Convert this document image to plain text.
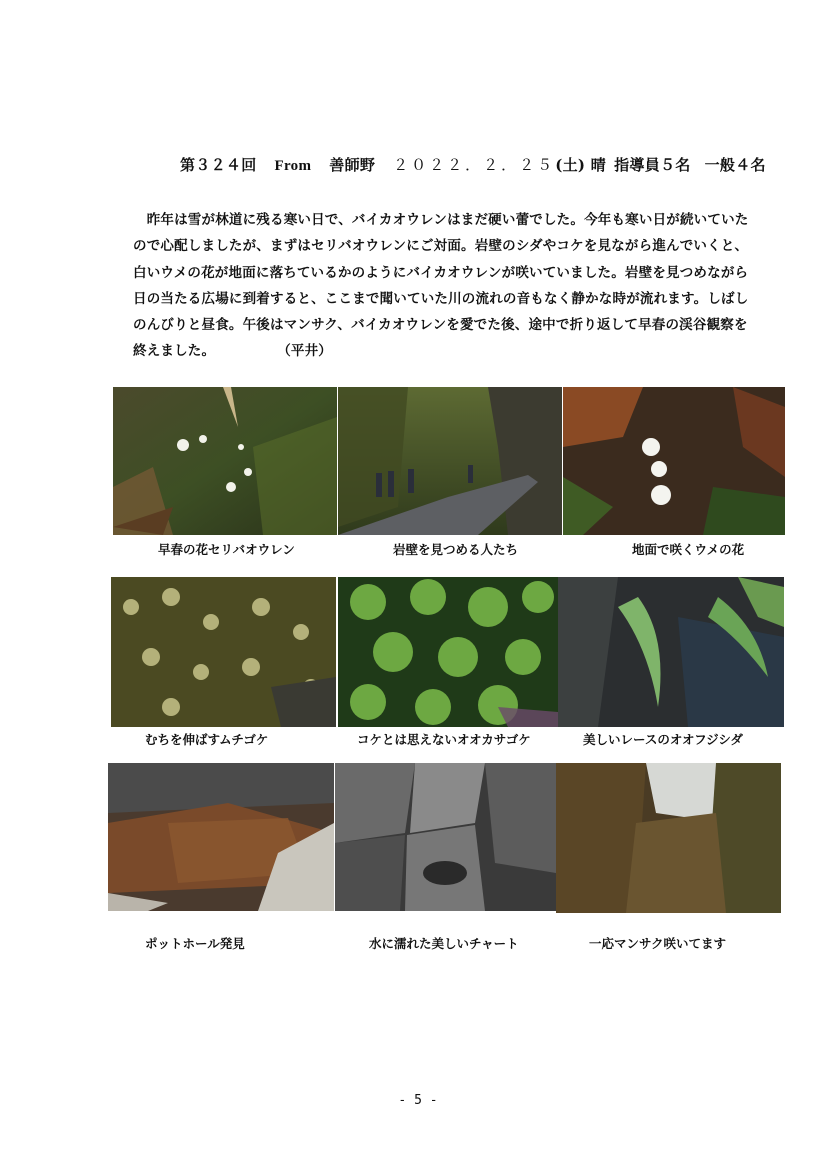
第３２４回 From 善師野 ２０２２．２．２５(土) 晴 指導員５名 一般４名
　昨年は雪が林道に残る寒い日で、バイカオウレンはまだ硬い蕾でした。今年も寒い日が続いていた
ので心配しましたが、まずはセリバオウレンにご対面。岩壁のシダやコケを見ながら進んでいくと、
白いウメの花が地面に落ちているかのようにバイカオウレンが咲いていました。岩壁を見つめながら
日の当たる広場に到着すると、ここまで聞いていた川の流れの音もなく静かな時が流れます。しばし
のんびりと昼食。午後はマンサク、バイカオウレンを愛でた後、途中で折り返して早春の渓谷観察を
終えました。	（平井）
早春の花セリバオウレン	岩壁を見つめる人たち	地面で咲くウメの花
むちを伸ばすムチゴケ	コケとは思えないオオカサゴケ	美しいレースのオオフジシダ
ポットホール発見	水に濡れた美しいチャート	一応マンサク咲いてます
- 5 -
